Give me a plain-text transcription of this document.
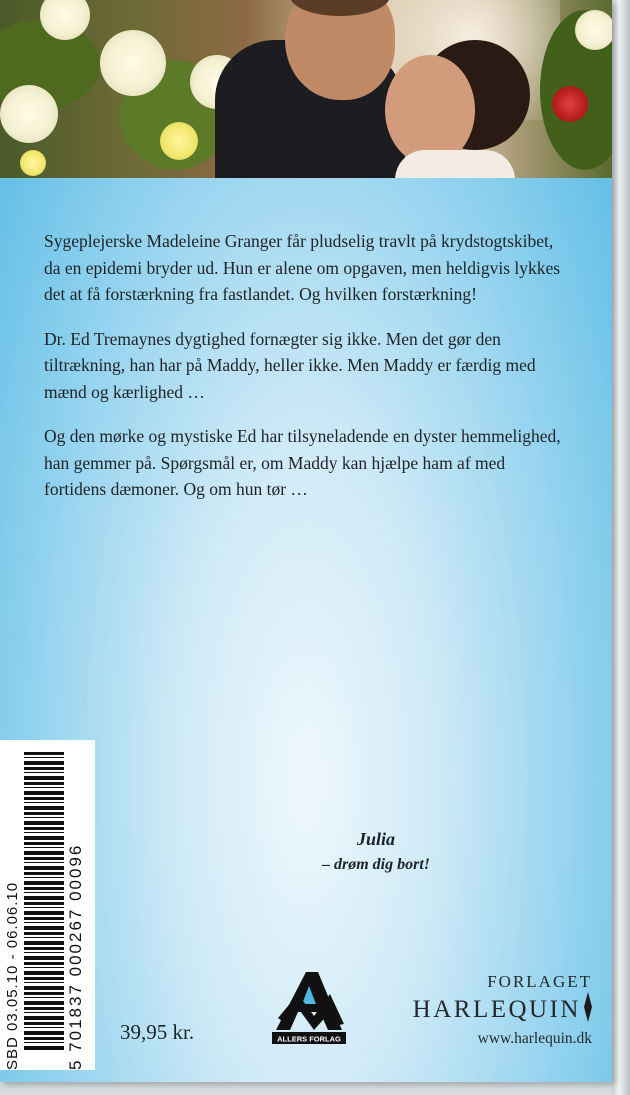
Sygeplejerske Madeleine Granger får pludselig travlt på krydstogtskibet, da en epidemi bryder ud. Hun er alene om opgaven, men heldigvis lykkes det at få forstærkning fra fastlandet. Og hvilken forstærkning!

Dr. Ed Tremaynes dygtighed fornægter sig ikke. Men det gør den tiltrækning, han har på Maddy, heller ikke. Men Maddy er færdig med mænd og kærlighed …

Og den mørke og mystiske Ed har tilsyneladende en dyster hemmelighed, han gemmer på. Spørgsmål er, om Maddy kan hjælpe ham af med fortidens dæmoner. Og om hun tør …

Julia
– drøm dig bort!
SBD 03.05.10 - 06.06.10	5 701837 000267 00096 39,95 kr.	ALLERS FORLAG
FORLAGET
HARLEQUIN
www.harlequin.dk
